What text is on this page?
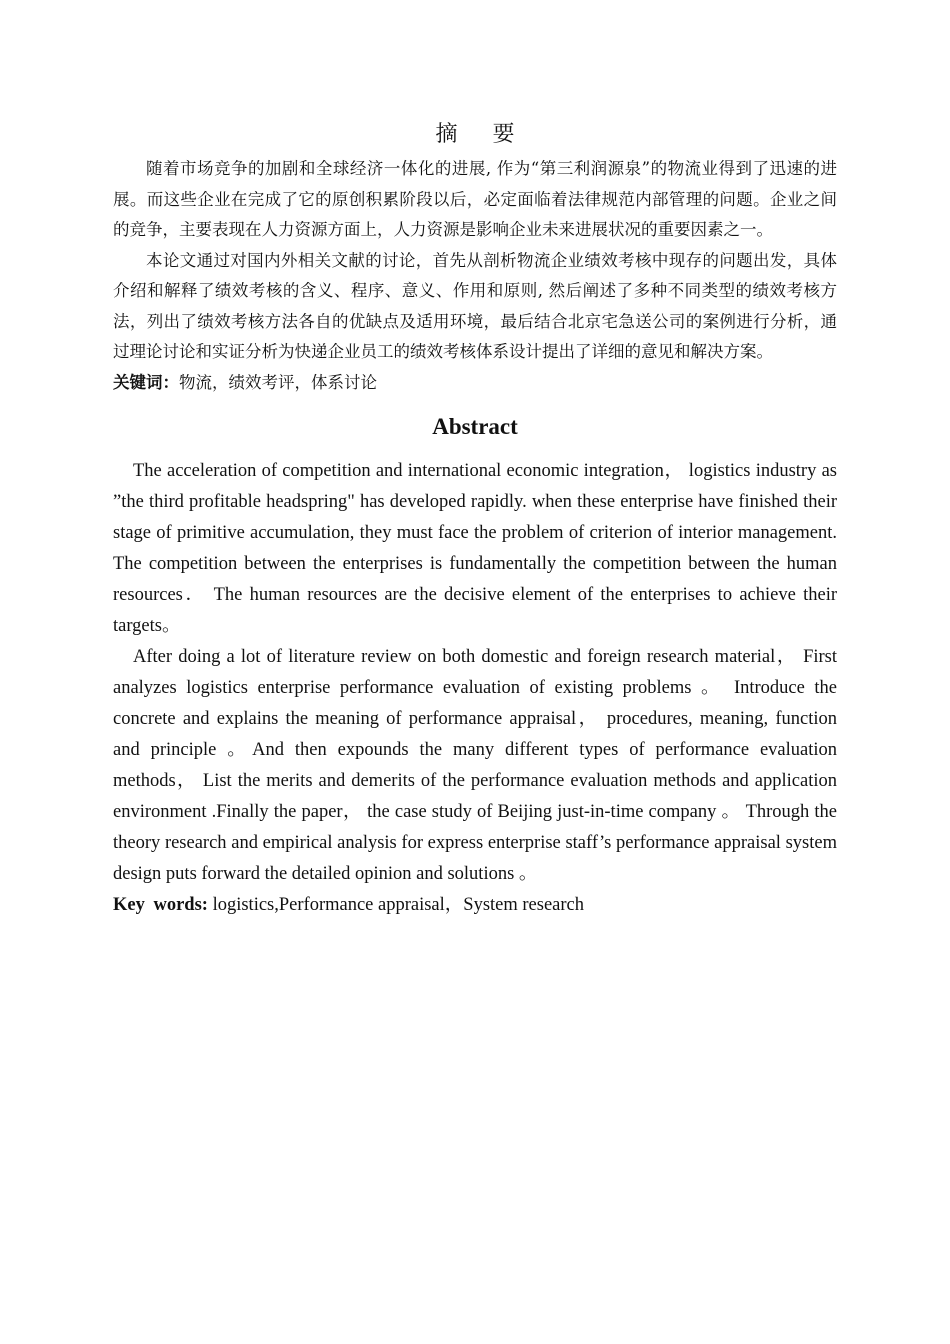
摘 要

随着市场竞争的加剧和全球经济一体化的进展, 作为“第三利润源泉”的物流业得到了迅速的进展。而这些企业在完成了它的原创积累阶段以后，必定面临着法律规范内部管理的问题。企业之间的竞争，主要表现在人力资源方面上，人力资源是影响企业未来进展状况的重要因素之一。

本论文通过对国内外相关文献的讨论，首先从剖析物流企业绩效考核中现存的问题出发，具体介绍和解释了绩效考核的含义、程序、意义、作用和原则, 然后阐述了多种不同类型的绩效考核方法，列出了绩效考核方法各自的优缺点及适用环境，最后结合北京宅急送公司的案例进行分析，通过理论讨论和实证分析为快递企业员工的绩效考核体系设计提出了详细的意见和解决方案。

关键词：物流，绩效考评，体系讨论

Abstract

The acceleration of competition and international economic integration， logistics industry as ”the third profitable headspring" has developed rapidly. when these enterprise have finished their stage of primitive accumulation, they must face the problem of criterion of interior management. The competition between the enterprises is fundamentally the competition between the human resources． The human resources are the decisive element of the enterprises to achieve their targets。

After doing a lot of literature review on both domestic and foreign research material， First analyzes logistics enterprise performance evaluation of existing problems 。 Introduce the concrete and explains the meaning of performance appraisal， procedures, meaning, function and principle 。And then expounds the many different types of performance evaluation methods， List the merits and demerits of the performance evaluation methods and application environment .Finally the paper， the case study of Beijing just-in-time company 。 Through the theory research and empirical analysis for express enterprise staff’s performance appraisal system design puts forward the detailed opinion and solutions 。

Key words: logistics,Performance appraisal，System research
